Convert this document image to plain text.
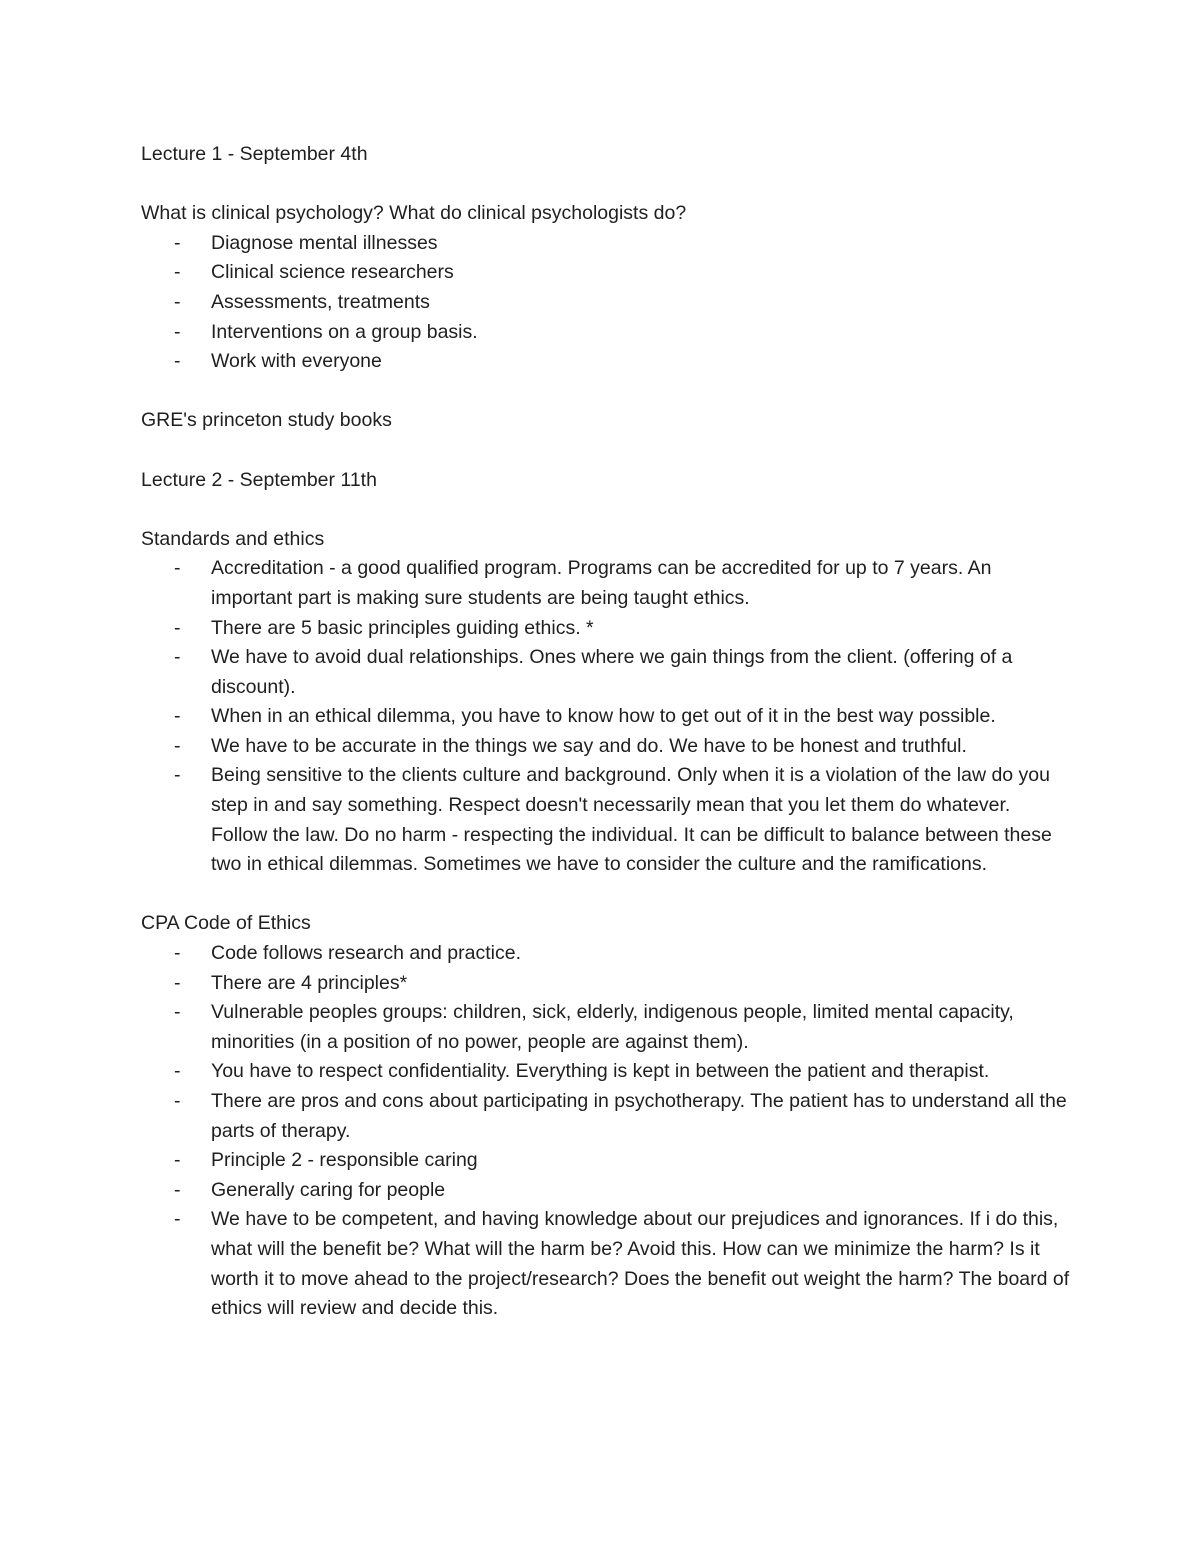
Lecture 1 - September 4th

What is clinical psychology? What do clinical psychologists do?

- Diagnose mental illnesses
- Clinical science researchers
- Assessments, treatments
- Interventions on a group basis.
- Work with everyone

GRE's princeton study books

Lecture 2 - September 11th

Standards and ethics

- Accreditation - a good qualified program. Programs can be accredited for up to 7 years. An important part is making sure students are being taught ethics.
- There are 5 basic principles guiding ethics. *
- We have to avoid dual relationships. Ones where we gain things from the client. (offering of a discount).
- When in an ethical dilemma, you have to know how to get out of it in the best way possible.
- We have to be accurate in the things we say and do. We have to be honest and truthful.
- Being sensitive to the clients culture and background. Only when it is a violation of the law do you step in and say something. Respect doesn't necessarily mean that you let them do whatever. Follow the law. Do no harm - respecting the individual. It can be difficult to balance between these two in ethical dilemmas. Sometimes we have to consider the culture and the ramifications.

CPA Code of Ethics

- Code follows research and practice.
- There are 4 principles*
- Vulnerable peoples groups: children, sick, elderly, indigenous people, limited mental capacity, minorities (in a position of no power, people are against them).
- You have to respect confidentiality. Everything is kept in between the patient and therapist.
- There are pros and cons about participating in psychotherapy. The patient has to understand all the parts of therapy.
- Principle 2 - responsible caring
- Generally caring for people
- We have to be competent, and having knowledge about our prejudices and ignorances. If i do this, what will the benefit be? What will the harm be? Avoid this. How can we minimize the harm? Is it worth it to move ahead to the project/research? Does the benefit out weight the harm? The board of ethics will review and decide this.
